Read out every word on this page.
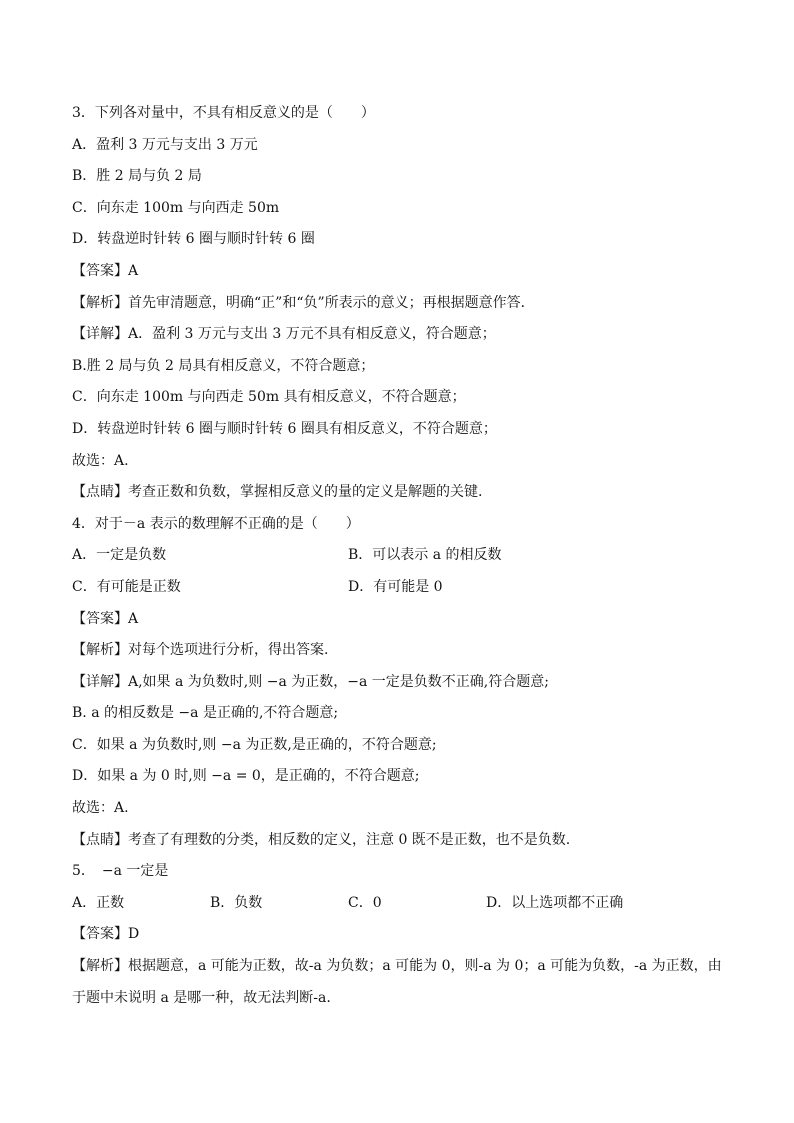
3．下列各对量中，不具有相反意义的是（　　）
A．盈利 3 万元与支出 3 万元
B．胜 2 局与负 2 局
C．向东走 100m 与向西走 50m
D．转盘逆时针转 6 圈与顺时针转 6 圈
【答案】A
【解析】首先审清题意，明确“正”和“负”所表示的意义；再根据题意作答．
【详解】A．盈利 3 万元与支出 3 万元不具有相反意义，符合题意；
B.胜 2 局与负 2 局具有相反意义，不符合题意；
C．向东走 100m 与向西走 50m 具有相反意义，不符合题意；
D．转盘逆时针转 6 圈与顺时针转 6 圈具有相反意义，不符合题意；
故选：A.
【点睛】考查正数和负数，掌握相反意义的量的定义是解题的关键.
4．对于－a 表示的数理解不正确的是（　　）
A．一定是负数	B．可以表示 a 的相反数
C．有可能是正数	D．有可能是 0
【答案】A
【解析】对每个选项进行分析，得出答案.
【详解】A,如果 a 为负数时,则 −a 为正数，−a 一定是负数不正确,符合题意;
B. a 的相反数是 −a 是正确的,不符合题意;
C．如果 a 为负数时,则 −a 为正数,是正确的，不符合题意;
D．如果 a 为 0 时,则 −a = 0，是正确的，不符合题意;
故选：A.
【点睛】考查了有理数的分类，相反数的定义，注意 0 既不是正数，也不是负数.
5．　−a 一定是
A．正数	B．负数	C．0	D．以上选项都不正确
【答案】D
【解析】根据题意，a 可能为正数，故-a 为负数；a 可能为 0，则-a 为 0；a 可能为负数，-a 为正数，由于题中未说明 a 是哪一种，故无法判断-a.
